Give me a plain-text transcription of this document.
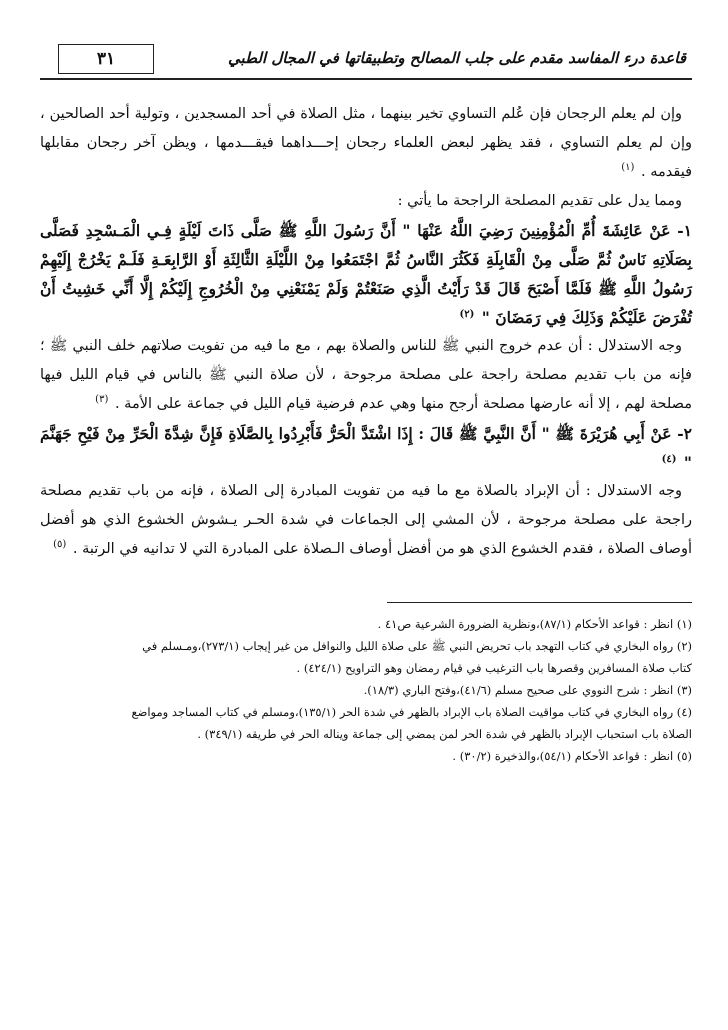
قاعدة درء المفاسد مقدم على جلب المصالح وتطبيقاتها في المجال الطبي
٣١

وإن لم يعلم الرجحان فإن عُلم التساوي تخير بينهما ، مثل الصلاة في أحد المسجدين ، وتولية أحد الصالحين ، وإن لم يعلم التساوي ، فقد يظهر لبعض العلماء رجحان إحـــداهما فيقـــدمها ، ويظن آخر رجحان مقابلها فيقدمه . $^{(١)}$

ومما يدل على تقديم المصلحة الراجحة ما يأتي :

١- عَنْ عَائِشَةَ أُمِّ الْمُؤْمِنِينَ رَضِيَ اللَّهُ عَنْهَا " أَنَّ رَسُولَ اللَّهِ ﷺ صَلَّى ذَاتَ لَيْلَةٍ فِـي الْمَـسْجِدِ فَصَلَّى بِصَلَاتِهِ نَاسٌ ثُمَّ صَلَّى مِنْ الْقَابِلَةِ فَكَثُرَ النَّاسُ ثُمَّ اجْتَمَعُوا مِنْ اللَّيْلَةِ الثَّالِثَةِ أَوْ الرَّابِعَـةِ فَلَـمْ يَخْرُجْ إِلَيْهِمْ رَسُولُ اللَّهِ ﷺ فَلَمَّا أَصْبَحَ قَالَ قَدْ رَأَيْتُ الَّذِي صَنَعْتُمْ وَلَمْ يَمْنَعْنِي مِنْ الْخُرُوجِ إِلَيْكُمْ إِلَّا أَنِّي خَشِيتُ أَنْ تُفْرَضَ عَلَيْكُمْ وَذَلِكَ فِي رَمَضَانَ " $^{(٢)}$

وجه الاستدلال : أن عدم خروج النبي ﷺ للناس والصلاة بهم ، مع ما فيه من تفويت صلاتهم خلف النبي ﷺ ؛ فإنه من باب تقديم مصلحة راجحة على مصلحة مرجوحة ، لأن صلاة النبي ﷺ بالناس في قيام الليل فيها مصلحة لهم ، إلا أنه عارضها مصلحة أرجح منها وهي عدم فرضية قيام الليل في جماعة على الأمة . $^{(٣)}$

٢- عَنْ أَبِي هُرَيْرَةَ ﷺ " أَنَّ النَّبِيَّ ﷺ قَالَ : إِذَا اشْتَدَّ الْحَرُّ فَأَبْرِدُوا بِالصَّلَاةِ فَإِنَّ شِدَّةَ الْحَرِّ مِنْ فَيْحِ جَهَنَّمَ " $^{(٤)}$

وجه الاستدلال : أن الإبراد بالصلاة مع ما فيه من تفويت المبادرة إلى الصلاة ، فإنه من باب تقديم مصلحة راجحة على مصلحة مرجوحة ، لأن المشي إلى الجماعات في شدة الحـر يـشوش الخشوع الذي هو أفضل أوصاف الصلاة ، فقدم الخشوع الذي هو من أفضل أوصاف الـصلاة على المبادرة التي لا تدانيه في الرتبة . $^{(٥)}$

(١) انظر : قواعد الأحكام (٨٧/١)،ونظرية الضرورة الشرعية ص٤١ .

(٢) رواه البخاري في كتاب التهجد باب تحريض النبي ﷺ على صلاة الليل والنوافل من غير إيجاب (٢٧٣/١)،ومـسلم في

كتاب صلاة المسافرين وقصرها باب الترغيب في قيام رمضان وهو التراويح (٤٢٤/١) .

(٣) انظر : شرح النووي على صحيح مسلم (٤١/٦)،وفتح الباري (١٨/٣).

(٤) رواه البخاري في كتاب مواقيت الصلاة باب الإبراد بالظهر في شدة الحر (١٣٥/١)،ومسلم في كتاب المساجد ومواضع

الصلاة باب استحباب الإبراد بالظهر في شدة الحر لمن يمضي إلى جماعة ويناله الحر في طريقه (٣٤٩/١) .

(٥) انظر : قواعد الأحكام (٥٤/١)،والذخيرة (٣٠/٢) .
